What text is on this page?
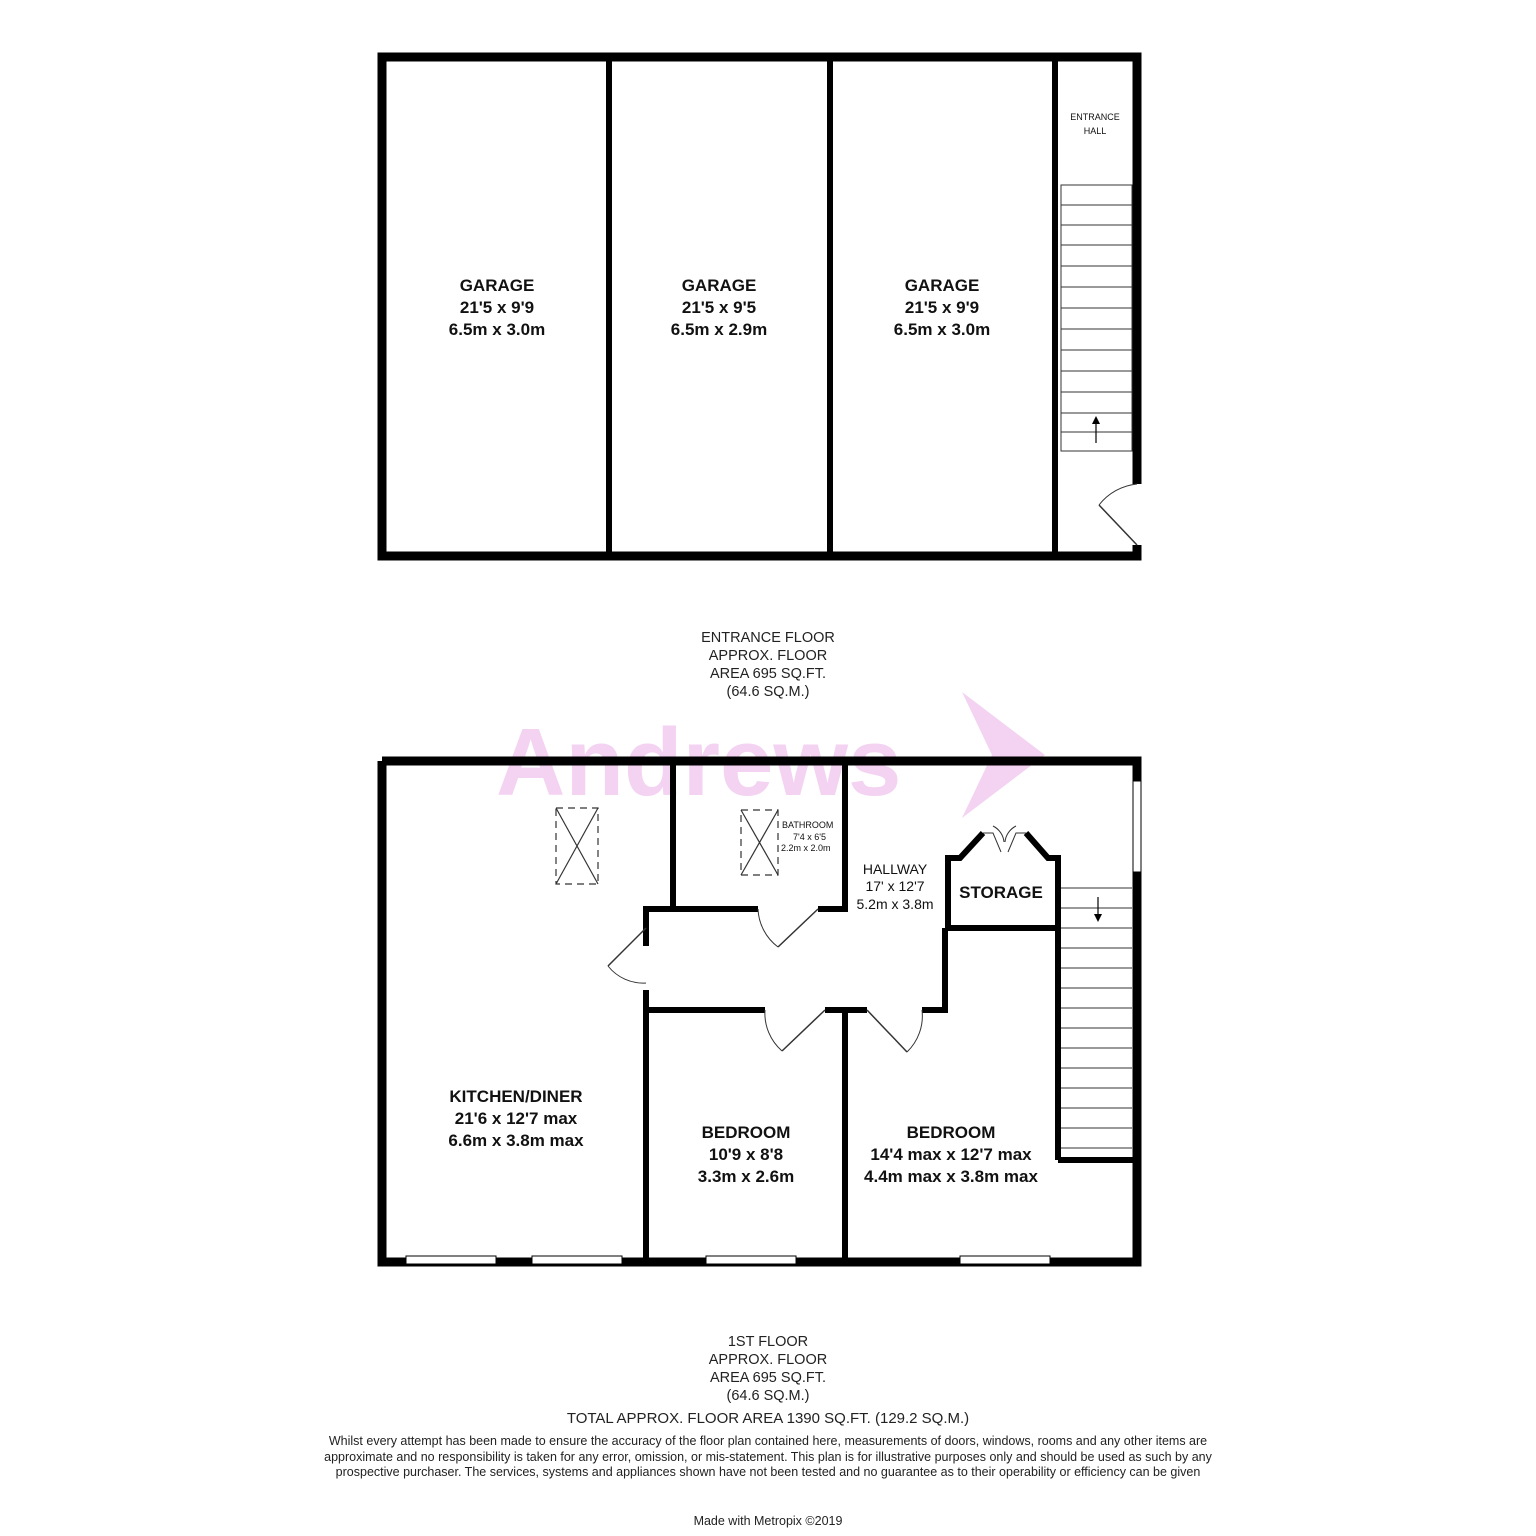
Andrews
GARAGE
21'5 x 9'9
6.5m x 3.0m
GARAGE
21'5 x 9'5
6.5m x 2.9m
GARAGE
21'5 x 9'9
6.5m x 3.0m
ENTRANCE
HALL
KITCHEN/DINER
21'6 x 12'7 max
6.6m x 3.8m max
BATHROOM
7'4 x 6'5
2.2m x 2.0m
HALLWAY
17' x 12'7
5.2m x 3.8m
STORAGE
BEDROOM
10'9 x 8'8
3.3m x 2.6m
BEDROOM
14'4 max x 12'7 max
4.4m max x 3.8m max
ENTRANCE FLOOR
APPROX. FLOOR
AREA 695 SQ.FT.
(64.6 SQ.M.)
1ST FLOOR
APPROX. FLOOR
AREA 695 SQ.FT.
(64.6 SQ.M.)
TOTAL APPROX. FLOOR AREA 1390 SQ.FT. (129.2 SQ.M.)
Whilst every attempt has been made to ensure the accuracy of the floor plan contained here, measurements of doors, windows, rooms and any other items are approximate and no responsibility is taken for any error, omission, or mis-statement. This plan is for illustrative purposes only and should be used as such by any prospective purchaser. The services, systems and appliances shown have not been tested and no guarantee as to their operability or efficiency can be given
Made with Metropix ©2019
